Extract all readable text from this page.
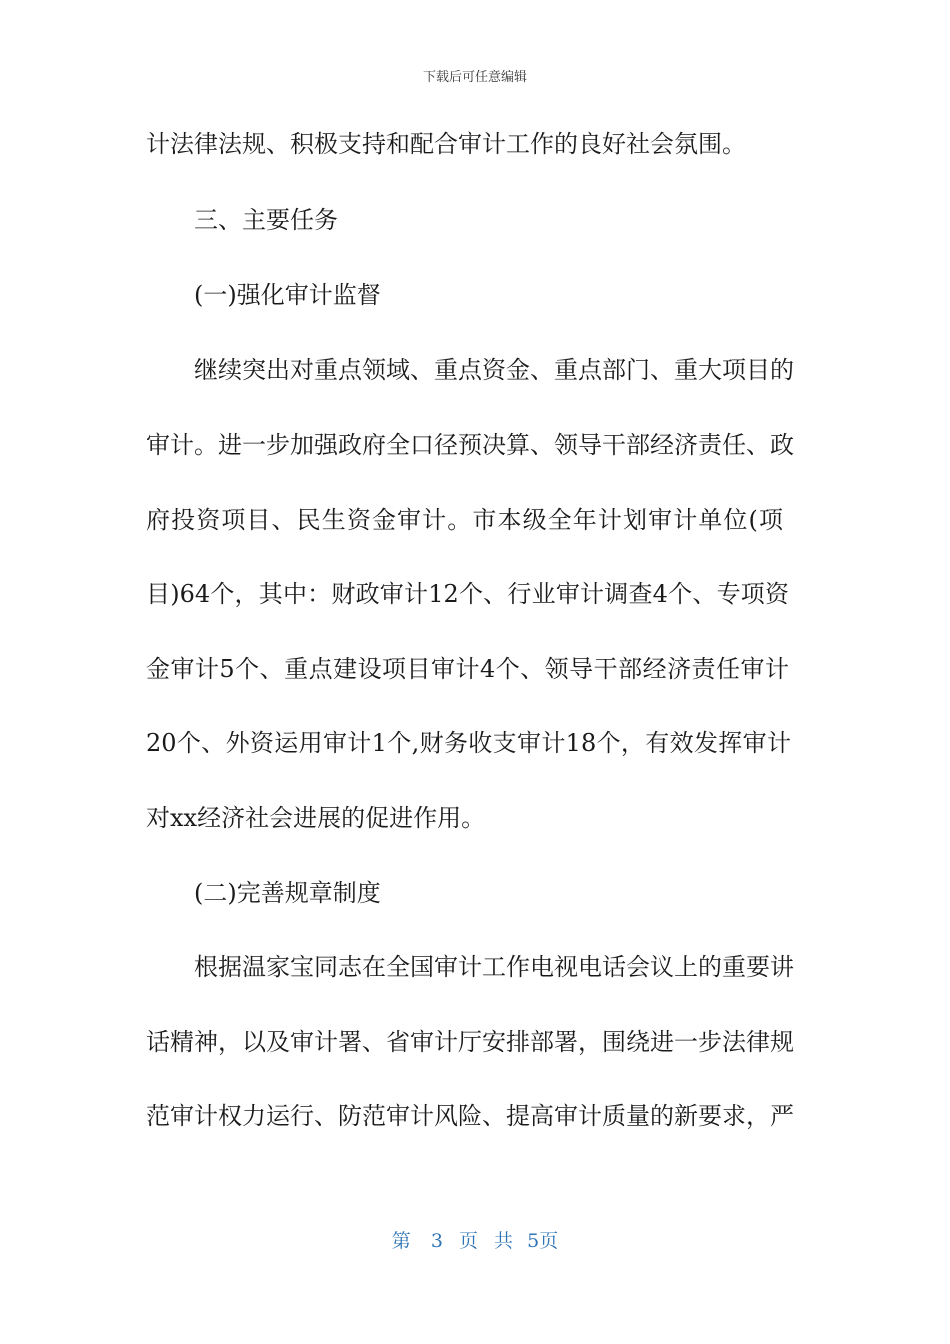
下载后可任意编辑
计法律法规、积极支持和配合审计工作的良好社会氛围。
三、主要任务
(一)强化审计监督
继续突出对重点领域、重点资金、重点部门、重大项目的
审计。进一步加强政府全口径预决算、领导干部经济责任、政
府投资项目、民生资金审计。市本级全年计划审计单位(项
目)64个，其中：财政审计12个、行业审计调查4个、专项资
金审计5个、重点建设项目审计4个、领导干部经济责任审计
20个、外资运用审计1个,财务收支审计18个，有效发挥审计
对xx经济社会进展的促进作用。
(二)完善规章制度
根据温家宝同志在全国审计工作电视电话会议上的重要讲
话精神，以及审计署、省审计厅安排部署，围绕进一步法律规
范审计权力运行、防范审计风险、提高审计质量的新要求，严
第 3 页 共 5页
